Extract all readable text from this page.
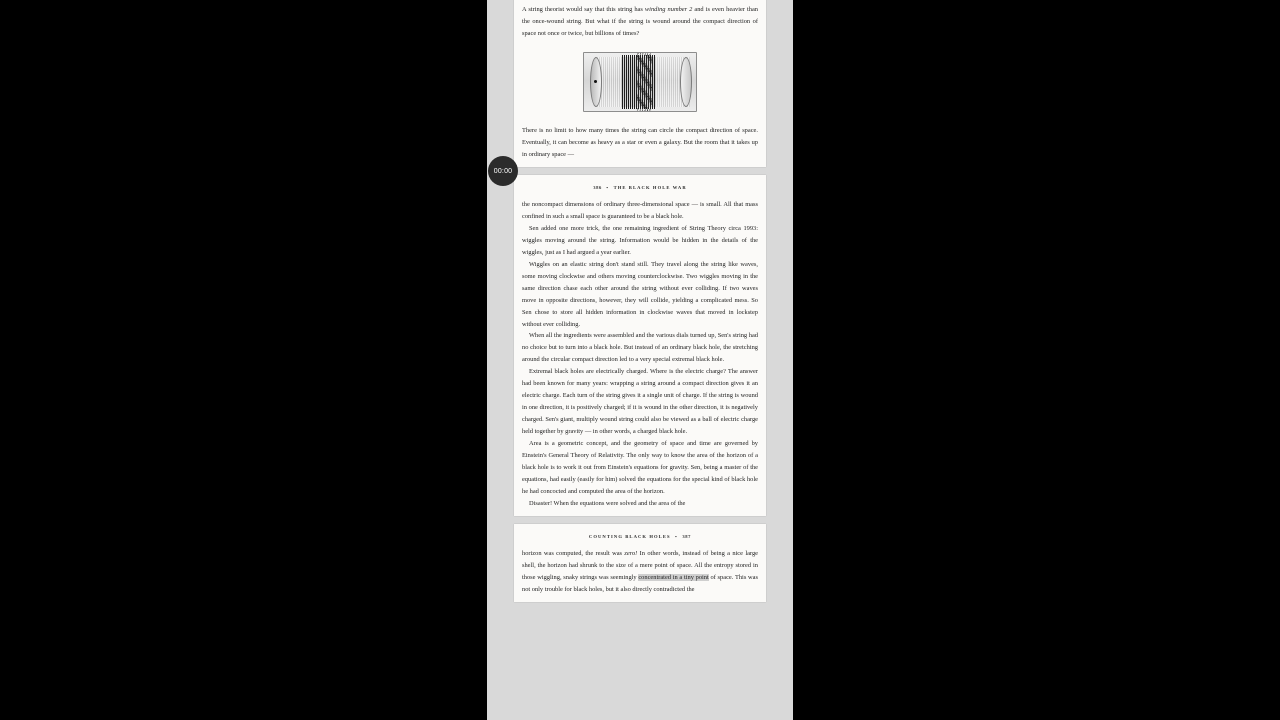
A string theorist would say that this string has winding number 2 and is even heavier than the once-wound string. But what if the string is wound around the compact direction of space not once or twice, but billions of times?

There is no limit to how many times the string can circle the compact direction of space. Eventually, it can become as heavy as a star or even a galaxy. But the room that it takes up in ordinary space —

386 • THE BLACK HOLE WAR

the noncompact dimensions of ordinary three-dimensional space — is small. All that mass confined in such a small space is guaranteed to be a black hole.

Sen added one more trick, the one remaining ingredient of String Theory circa 1993: wiggles moving around the string. Information would be hidden in the details of the wiggles, just as I had argued a year earlier.

Wiggles on an elastic string don't stand still. They travel along the string like waves, some moving clockwise and others moving counterclockwise. Two wiggles moving in the same direction chase each other around the string without ever colliding. If two waves move in opposite directions, however, they will collide, yielding a complicated mess. So Sen chose to store all hidden information in clockwise waves that moved in lockstep without ever colliding.

When all the ingredients were assembled and the various dials turned up, Sen's string had no choice but to turn into a black hole. But instead of an ordinary black hole, the stretching around the circular compact direction led to a very special extremal black hole.

Extremal black holes are electrically charged. Where is the electric charge? The answer had been known for many years: wrapping a string around a compact direction gives it an electric charge. Each turn of the string gives it a single unit of charge. If the string is wound in one direction, it is positively charged; if it is wound in the other direction, it is negatively charged. Sen's giant, multiply wound string could also be viewed as a ball of electric charge held together by gravity — in other words, a charged black hole.

Area is a geometric concept, and the geometry of space and time are governed by Einstein's General Theory of Relativity. The only way to know the area of the horizon of a black hole is to work it out from Einstein's equations for gravity. Sen, being a master of the equations, had easily (easily for him) solved the equations for the special kind of black hole he had concocted and computed the area of the horizon.

Disaster! When the equations were solved and the area of the

COUNTING BLACK HOLES • 387

horizon was computed, the result was zero! In other words, instead of being a nice large shell, the horizon had shrunk to the size of a mere point of space. All the entropy stored in those wiggling, snaky strings was seemingly concentrated in a tiny point of space. This was not only trouble for black holes, but it also directly contradicted the

00:00
